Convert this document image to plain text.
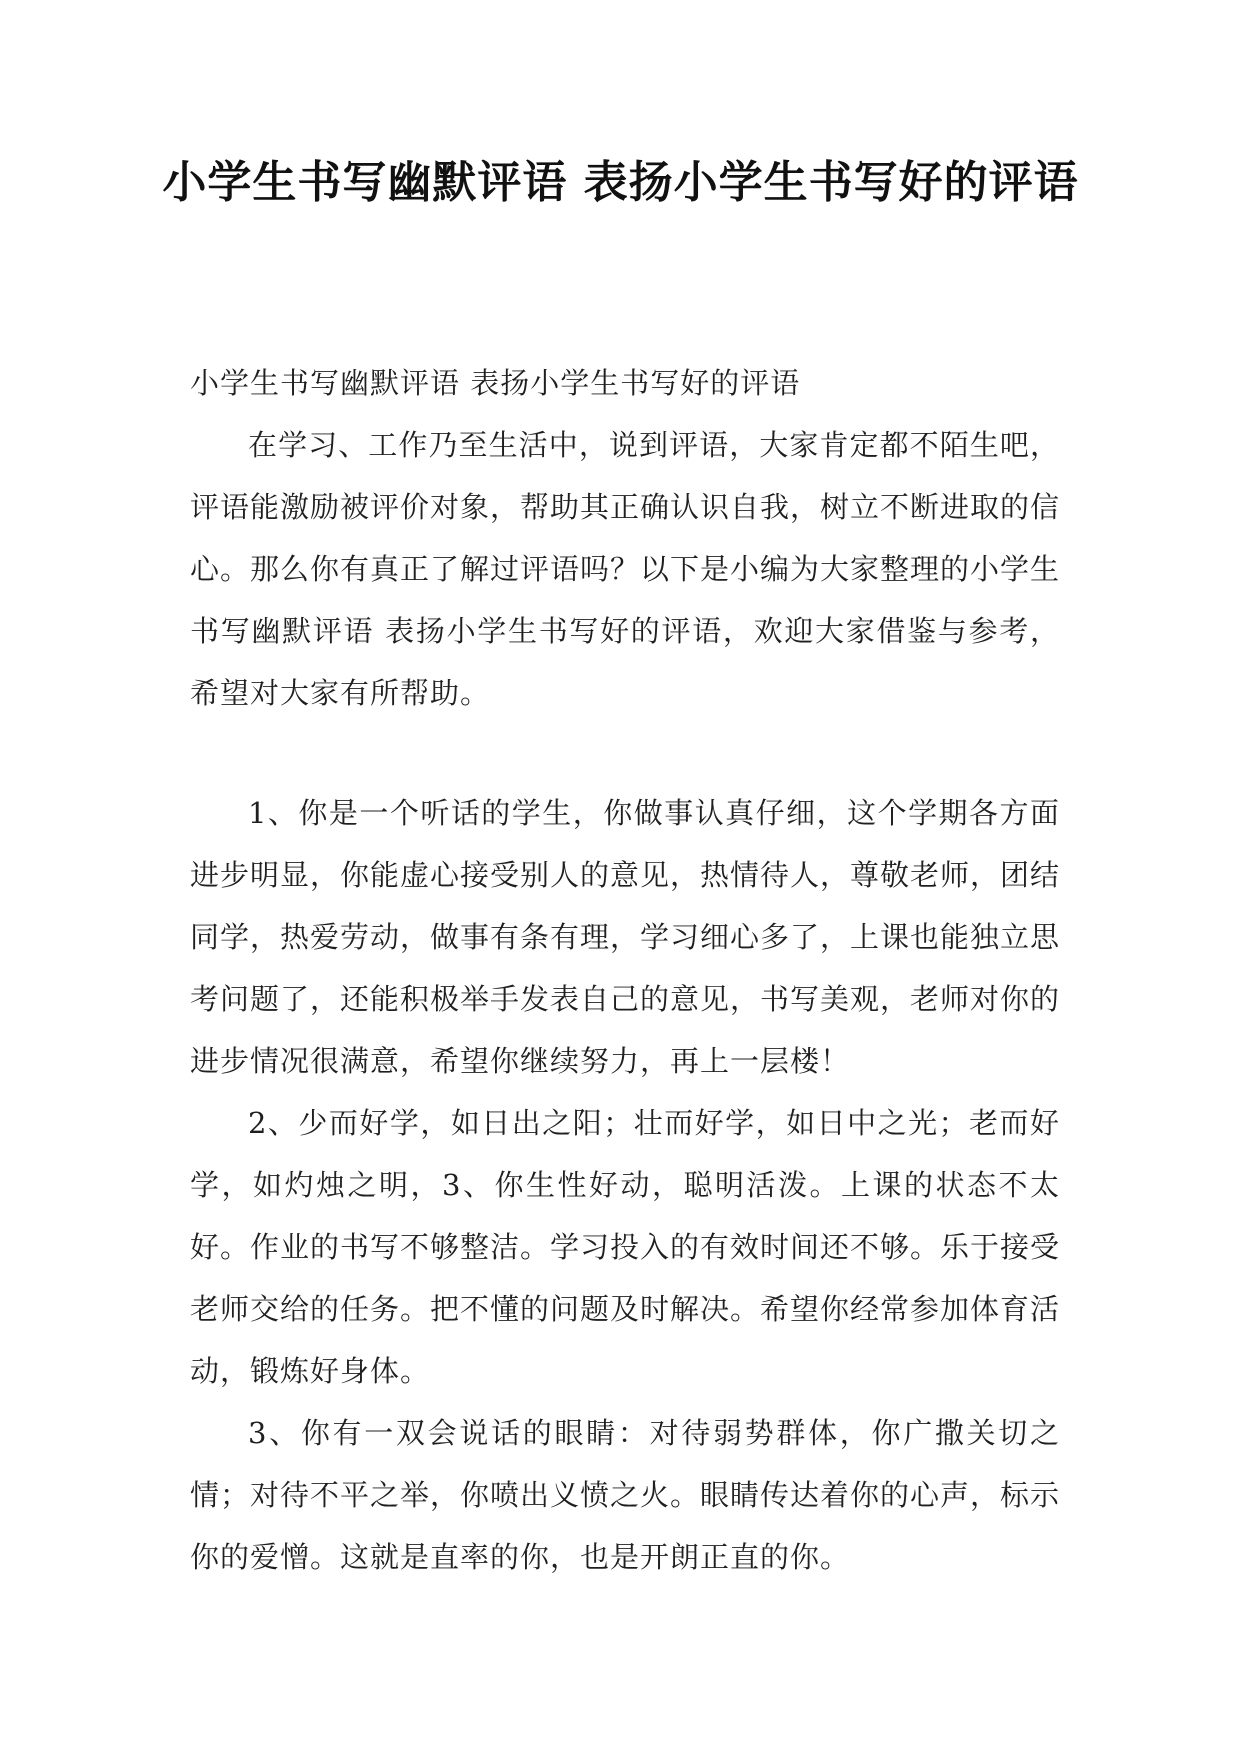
小学生书写幽默评语 表扬小学生书写好的评语

小学生书写幽默评语 表扬小学生书写好的评语

在学习、工作乃至生活中，说到评语，大家肯定都不陌生吧，评语能激励被评价对象，帮助其正确认识自我，树立不断进取的信心。那么你有真正了解过评语吗？以下是小编为大家整理的小学生书写幽默评语 表扬小学生书写好的评语，欢迎大家借鉴与参考，希望对大家有所帮助。

1、你是一个听话的学生，你做事认真仔细，这个学期各方面进步明显，你能虚心接受别人的意见，热情待人，尊敬老师，团结同学，热爱劳动，做事有条有理，学习细心多了，上课也能独立思考问题了，还能积极举手发表自己的意见，书写美观，老师对你的进步情况很满意，希望你继续努力，再上一层楼！

2、少而好学，如日出之阳；壮而好学，如日中之光；老而好学，如灼烛之明，3、你生性好动，聪明活泼。上课的状态不太好。作业的书写不够整洁。学习投入的有效时间还不够。乐于接受老师交给的任务。把不懂的问题及时解决。希望你经常参加体育活动，锻炼好身体。

3、你有一双会说话的眼睛：对待弱势群体，你广撒关切之情；对待不平之举，你喷出义愤之火。眼睛传达着你的心声，标示你的爱憎。这就是直率的你，也是开朗正直的你。
